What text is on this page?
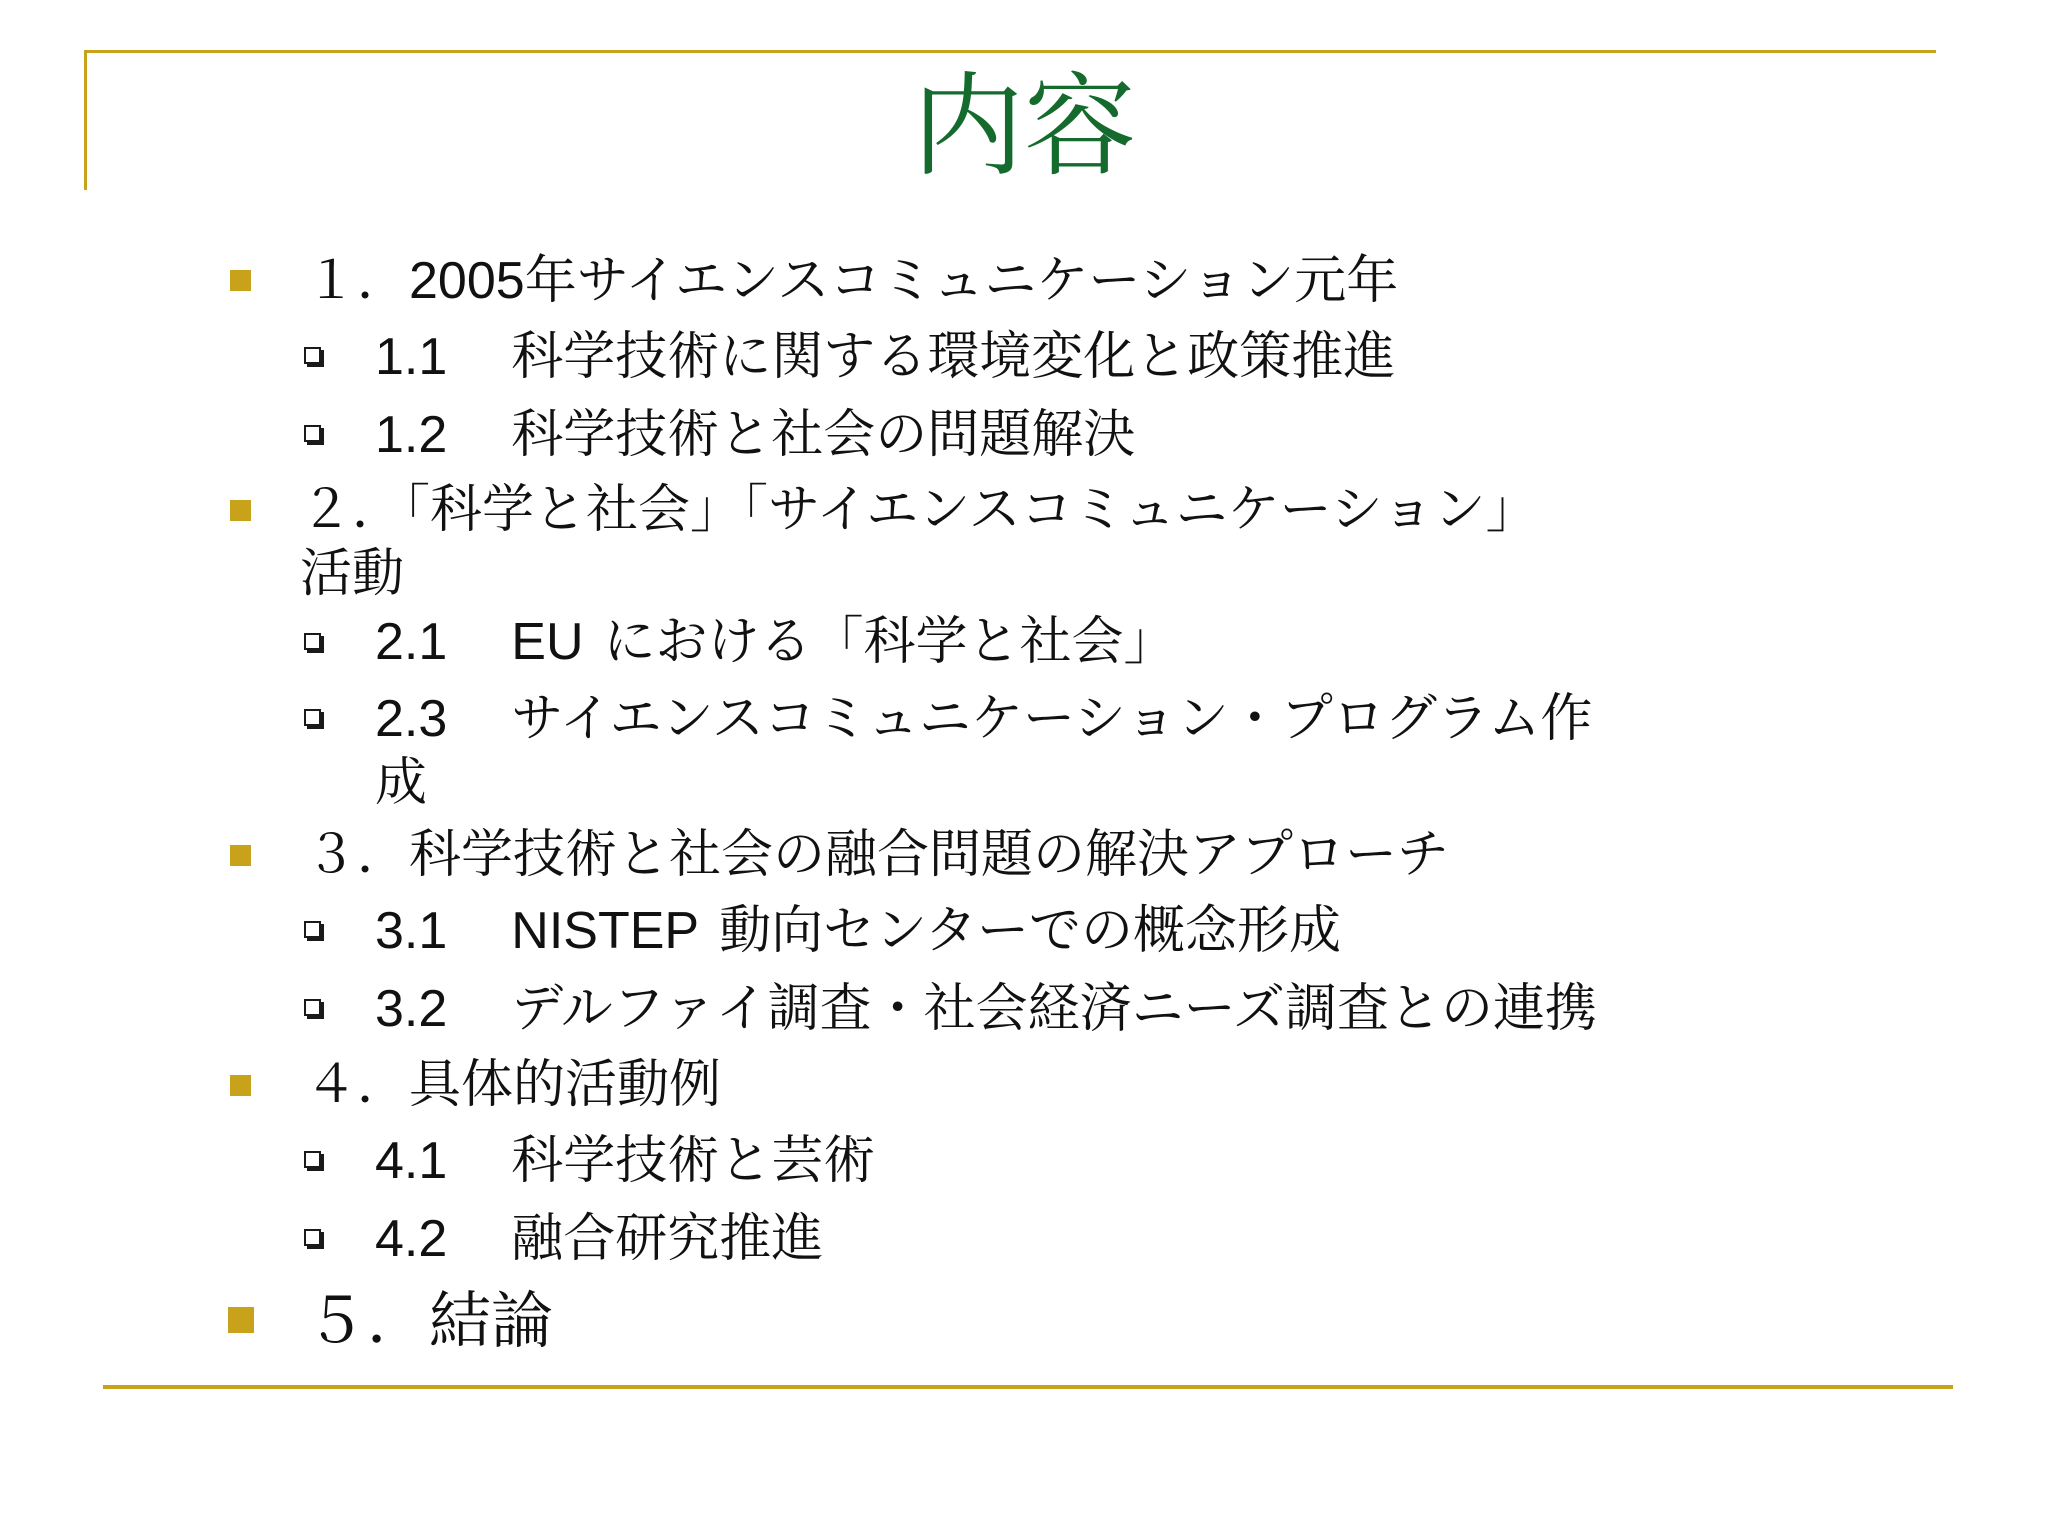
内容
１．2005年サイエンスコミュニケーション元年
1.1 科学技術に関する環境変化と政策推進
1.2 科学技術と社会の問題解決
２．「科学と社会」「サイエンスコミュニケーション」
活動
2.1 EU における「科学と社会」
2.3 サイエンスコミュニケーション・プログラム作
成
３．科学技術と社会の融合問題の解決アプローチ
3.1 NISTEP 動向センターでの概念形成
3.2 デルファイ調査・社会経済ニーズ調査との連携
４．具体的活動例
4.1 科学技術と芸術
4.2 融合研究推進
５．結論
